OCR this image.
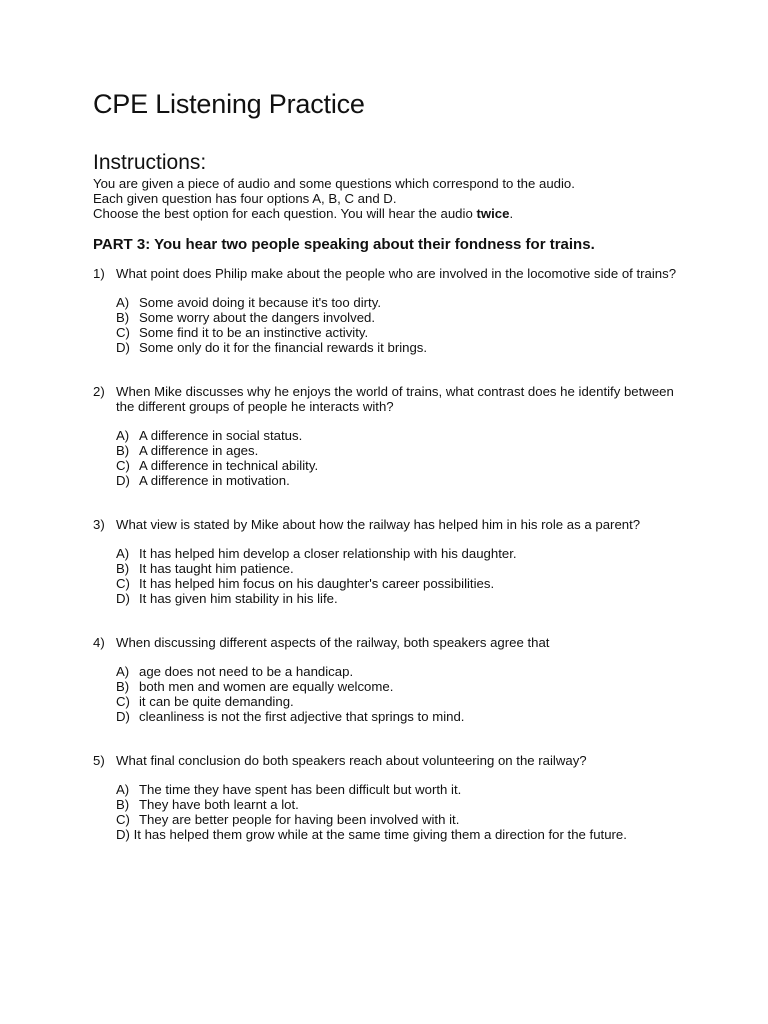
CPE Listening Practice
Instructions:
You are given a piece of audio and some questions which correspond to the audio.
Each given question has four options A, B, C and D.
Choose the best option for each question. You will hear the audio twice.
PART 3: You hear two people speaking about their fondness for trains.
1) What point does Philip make about the people who are involved in the locomotive side of trains?
A) Some avoid doing it because it's too dirty.
B) Some worry about the dangers involved.
C) Some find it to be an instinctive activity.
D) Some only do it for the financial rewards it brings.
2) When Mike discusses why he enjoys the world of trains, what contrast does he identify between the different groups of people he interacts with?
A) A difference in social status.
B) A difference in ages.
C) A difference in technical ability.
D) A difference in motivation.
3) What view is stated by Mike about how the railway has helped him in his role as a parent?
A) It has helped him develop a closer relationship with his daughter.
B) It has taught him patience.
C) It has helped him focus on his daughter's career possibilities.
D) It has given him stability in his life.
4) When discussing different aspects of the railway, both speakers agree that
A) age does not need to be a handicap.
B) both men and women are equally welcome.
C) it can be quite demanding.
D) cleanliness is not the first adjective that springs to mind.
5) What final conclusion do both speakers reach about volunteering on the railway?
A) The time they have spent has been difficult but worth it.
B) They have both learnt a lot.
C) They are better people for having been involved with it.
D) It has helped them grow while at the same time giving them a direction for the future.
